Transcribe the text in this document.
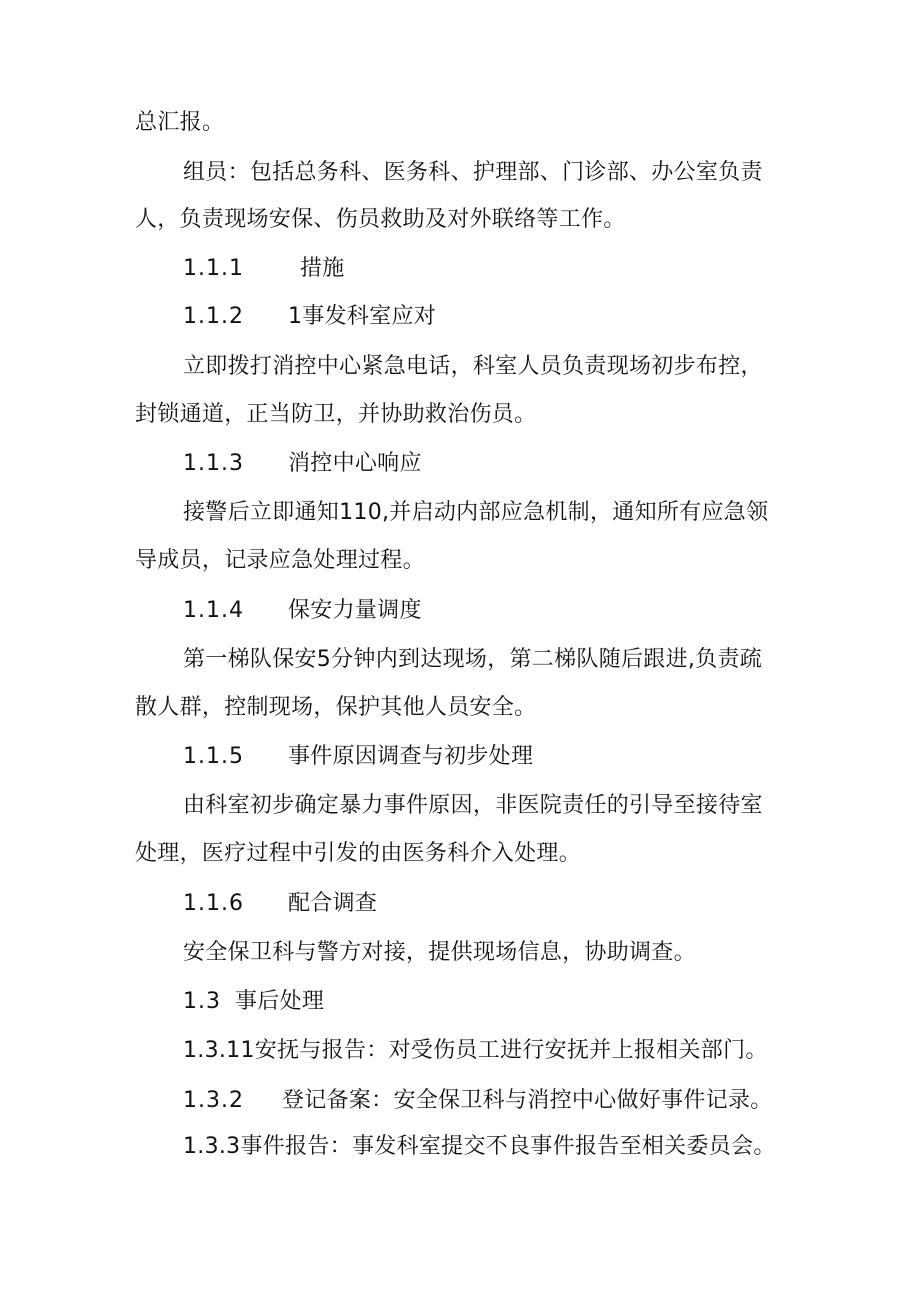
总汇报。
组员：包括总务科、医务科、护理部、门诊部、办公室负责
人，负责现场安保、伤员救助及对外联络等工作。
1.1.1	措施
1.1.2 1事发科室应对
立即拨打消控中心紧急电话，科室人员负责现场初步布控，
封锁通道，正当防卫，并协助救治伤员。
1.1.3 消控中心响应
接警后立即通知110,并启动内部应急机制，通知所有应急领
导成员，记录应急处理过程。
1.1.4 保安力量调度
第一梯队保安5分钟内到达现场，第二梯队随后跟进,负责疏
散人群，控制现场，保护其他人员安全。
1.1.5 事件原因调查与初步处理
由科室初步确定暴力事件原因，非医院责任的引导至接待室
处理，医疗过程中引发的由医务科介入处理。
1.1.6 配合调查
安全保卫科与警方对接，提供现场信息，协助调查。
1.3 事后处理
1.3.11安抚与报告：对受伤员工进行安抚并上报相关部门。
1.3.2 登记备案：安全保卫科与消控中心做好事件记录。
1.3.3事件报告：事发科室提交不良事件报告至相关委员会。
